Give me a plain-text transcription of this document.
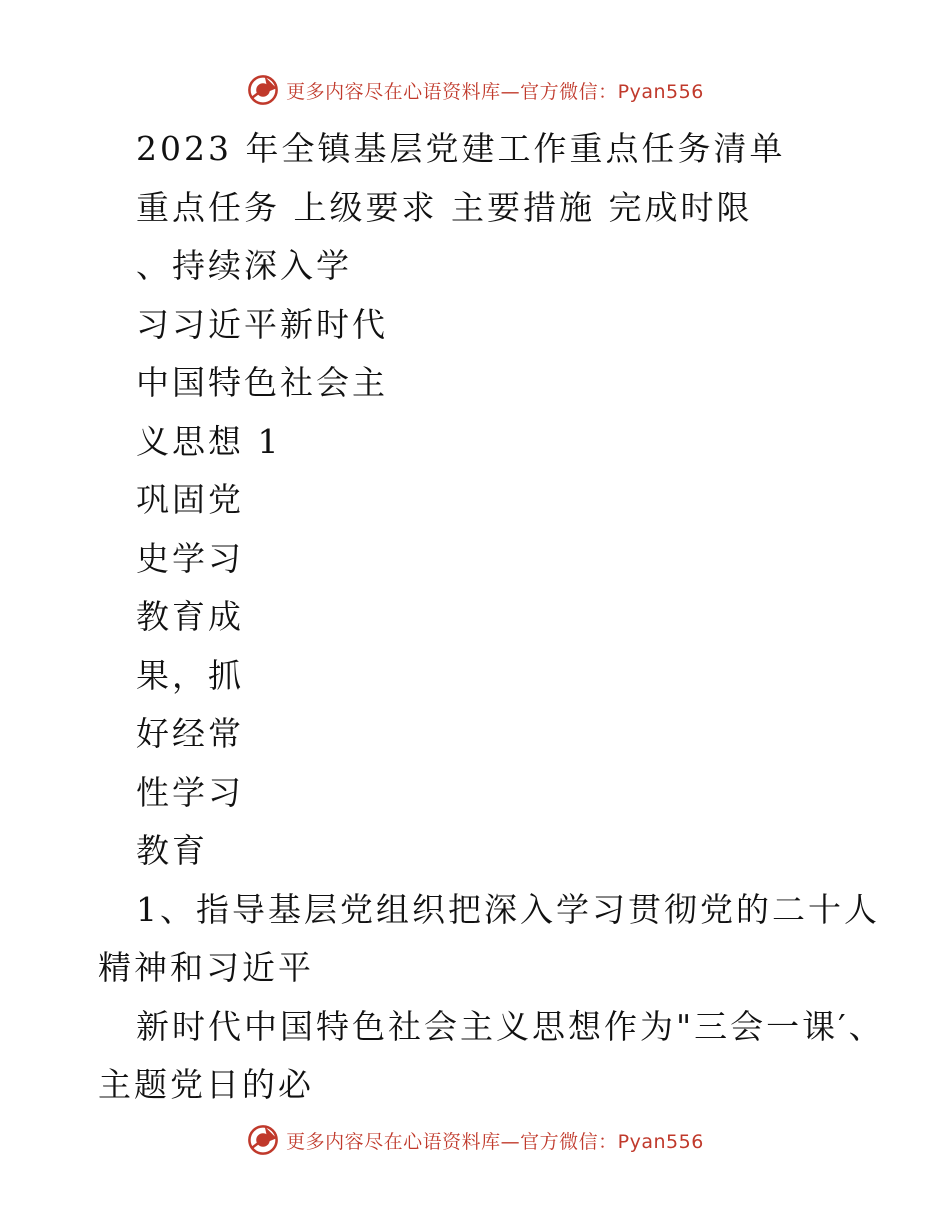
更多内容尽在心语资料库—官方微信：Pyan556
2023 年全镇基层党建工作重点任务清单
重点任务 上级要求 主要措施 完成时限
、持续深入学
习习近平新时代
中国特色社会主
义思想 1
巩固党
史学习
教育成
果，抓
好经常
性学习
教育
1、指导基层党组织把深入学习贯彻党的二十人
精神和习近平
新时代中国特色社会主义思想作为"三会一课′、
主题党日的必
更多内容尽在心语资料库—官方微信：Pyan556
